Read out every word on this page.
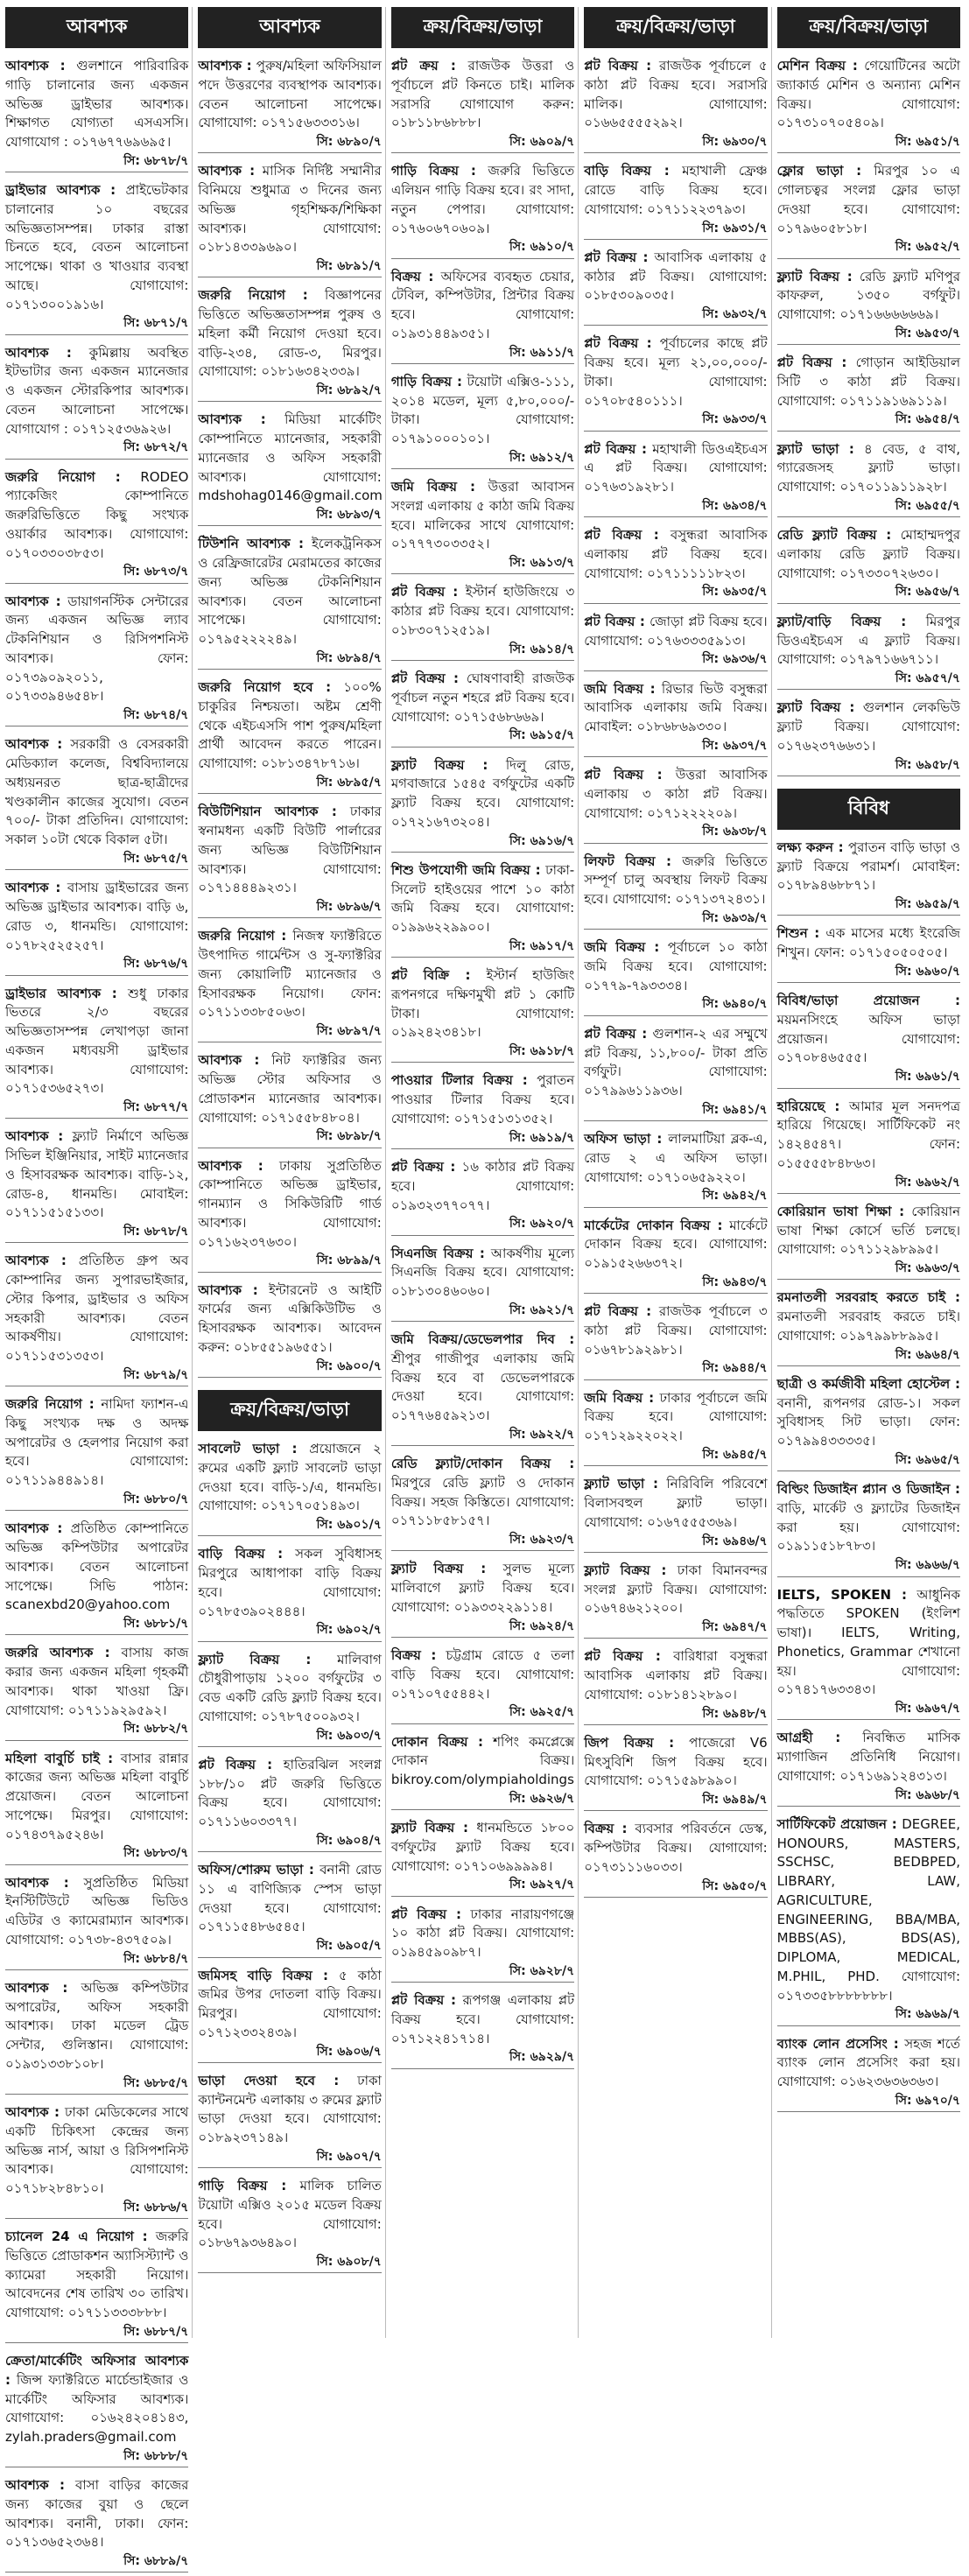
আবশ্যক
আবশ্যক : গুলশানে পারিবারিক গাড়ি চালানোর জন্য একজন অভিজ্ঞ ড্রাইভার আবশ্যক। শিক্ষাগত যোগ্যতা এসএসসি। যোগাযোগ : ০১৭৬৭৭৬৯৬৯৫।
সি: ৬৮৭৮/৭
ড্রাইভার আবশ্যক : প্রাইভেটকার চালানোর ১০ বছরের অভিজ্ঞতাসম্পন্ন। ঢাকার রাস্তা চিনতে হবে, বেতন আলোচনা সাপেক্ষে। থাকা ও খাওয়ার ব্যবস্থা আছে। যোগাযোগ: ০১৭১৩০০১৯১৬।
সি: ৬৮৭১/৭
আবশ্যক : কুমিল্লায় অবস্থিত ইটভাটার জন্য একজন ম্যানেজার ও একজন স্টোরকিপার আবশ্যক। বেতন আলোচনা সাপেক্ষে। যোগাযোগ : ০১৭১২৫৩৬৯২৬।
সি: ৬৮৭২/৭
জরুরি নিয়োগ : RODEO প্যাকেজিং কোম্পানিতে জরুরিভিত্তিতে কিছু সংখ্যক ওয়ার্কার আবশ্যক। যোগাযোগ: ০১৭০৩৩০৩৮৫৩।
সি: ৬৮৭৩/৭
আবশ্যক : ডায়াগনস্টিক সেন্টারের জন্য একজন অভিজ্ঞ ল্যাব টেকনিশিয়ান ও রিসিপশনিস্ট আবশ্যক। ফোন: ০১৭৩৯০৯২০১১, ০১৭৩৩৯৪৬৫৪৮।
সি: ৬৮৭৪/৭
আবশ্যক : সরকারী ও বেসরকারী মেডিক্যাল কলেজ, বিশ্ববিদ্যালয়ে অধ্যয়নরত ছাত্র-ছাত্রীদের খণ্ডকালীন কাজের সুযোগ। বেতন ৭০০/- টাকা প্রতিদিন। যোগাযোগ: সকাল ১০টা থেকে বিকাল ৫টা।
সি: ৬৮৭৫/৭
আবশ্যক : বাসায় ড্রাইভারের জন্য অভিজ্ঞ ড্রাইভার আবশ্যক। বাড়ি ৬, রোড ৩, ধানমন্ডি। যোগাযোগ: ০১৭৮২৫২৫২৫৭।
সি: ৬৮৭৬/৭
ড্রাইভার আবশ্যক : শুধু ঢাকার ভিতরে ২/৩ বছরের অভিজ্ঞতাসম্পন্ন লেখাপড়া জানা একজন মধ্যবয়সী ড্রাইভার আবশ্যক। যোগাযোগ: ০১৭১৫৩৬৫২৭৩।
সি: ৬৮৭৭/৭
আবশ্যক : ফ্ল্যাট নির্মাণে অভিজ্ঞ সিভিল ইঞ্জিনিয়ার, সাইট ম্যানেজার ও হিসাবরক্ষক আবশ্যক। বাড়ি-১২, রোড-৪, ধানমন্ডি। মোবাইল: ০১৭১১৫১৫১৩৩।
সি: ৬৮৭৮/৭
আবশ্যক : প্রতিষ্ঠিত গ্রুপ অব কোম্পানির জন্য সুপারভাইজার, স্টোর কিপার, ড্রাইভার ও অফিস সহকারী আবশ্যক। বেতন আকর্ষণীয়। যোগাযোগ: ০১৭১১৫৩১৩৫৩।
সি: ৬৮৭৯/৭
জরুরি নিয়োগ : নামিদা ফ্যাশন-এ কিছু সংখ্যক দক্ষ ও অদক্ষ অপারেটর ও হেলপার নিয়োগ করা হবে। যোগাযোগ: ০১৭১১৯৪৪৯১৪।
সি: ৬৮৮০/৭
আবশ্যক : প্রতিষ্ঠিত কোম্পানিতে অভিজ্ঞ কম্পিউটার অপারেটর আবশ্যক। বেতন আলোচনা সাপেক্ষে। সিভি পাঠান: scanexbd20@yahoo.com
সি: ৬৮৮১/৭
জরুরি আবশ্যক : বাসায় কাজ করার জন্য একজন মহিলা গৃহকর্মী আবশ্যক। থাকা খাওয়া ফ্রি। যোগাযোগ: ০১৭১১৯২৯৫৯২।
সি: ৬৮৮২/৭
মহিলা বাবুর্চি চাই : বাসার রান্নার কাজের জন্য অভিজ্ঞ মহিলা বাবুর্চি প্রয়োজন। বেতন আলোচনা সাপেক্ষে। মিরপুর। যোগাযোগ: ০১৭৪৩৭৯৫২৪৬।
সি: ৬৮৮৩/৭
আবশ্যক : সুপ্রতিষ্ঠিত মিডিয়া ইনস্টিটিউটে অভিজ্ঞ ভিডিও এডিটর ও ক্যামেরাম্যান আবশ্যক। যোগাযোগ: ০১৭৩৮-৪৩৭৫০৯।
সি: ৬৮৮৪/৭
আবশ্যক : অভিজ্ঞ কম্পিউটার অপারেটর, অফিস সহকারী আবশ্যক। ঢাকা মডেল ট্রেড সেন্টার, গুলিস্তান। যোগাযোগ: ০১৯৩১৩৩৮১০৮।
সি: ৬৮৮৫/৭
আবশ্যক : ঢাকা মেডিকেলের সাথে একটি চিকিৎসা কেন্দ্রের জন্য অভিজ্ঞ নার্স, আয়া ও রিসিপশনিস্ট আবশ্যক। যোগাযোগ: ০১৭১৮২৮৪৮১০।
সি: ৬৮৮৬/৭
চ্যানেল 24 এ নিয়োগ : জরুরি ভিত্তিতে প্রোডাকশন অ্যাসিস্ট্যান্ট ও ক্যামেরা সহকারী নিয়োগ। আবেদনের শেষ তারিখ ৩০ তারিখ। যোগাযোগ: ০১৭১১৩৩৩৮৮৮।
সি: ৬৮৮৭/৭
ক্রেতা/মার্কেটিং অফিসার আবশ্যক : জিন্স ফ্যাক্টরিতে মার্চেন্ডাইজার ও মার্কেটিং অফিসার আবশ্যক। যোগাযোগ: ০১৬২৪২০৪১৪৩, zylah.praders@gmail.com
সি: ৬৮৮৮/৭
আবশ্যক : বাসা বাড়ির কাজের জন্য কাজের বুয়া ও ছেলে আবশ্যক। বনানী, ঢাকা। ফোন: ০১৭১৩৬৫২৩৬৪।
সি: ৬৮৮৯/৭
আবশ্যক
আবশ্যক : পুরুষ/মহিলা অফিসিয়াল পদে উত্তরণের ব্যবস্থাপক আবশ্যক। বেতন আলোচনা সাপেক্ষে। যোগাযোগ: ০১৭১৫৬৩৩৩১৬।
সি: ৬৮৯০/৭
আবশ্যক : মাসিক নির্দিষ্ট সম্মানীর বিনিময়ে শুধুমাত্র ৩ দিনের জন্য অভিজ্ঞ গৃহশিক্ষক/শিক্ষিকা আবশ্যক। যোগাযোগ: ০১৮১৪৩৩৯৬৯০।
সি: ৬৮৯১/৭
জরুরি নিয়োগ : বিজ্ঞাপনের ভিত্তিতে অভিজ্ঞতাসম্পন্ন পুরুষ ও মহিলা কর্মী নিয়োগ দেওয়া হবে। বাড়ি-২৩৪, রোড-৩, মিরপুর। যোগাযোগ: ০১৮১৬৩৪২৩৩৯।
সি: ৬৮৯২/৭
আবশ্যক : মিডিয়া মার্কেটিং কোম্পানিতে ম্যানেজার, সহকারী ম্যানেজার ও অফিস সহকারী আবশ্যক। যোগাযোগ: mdshohag0146@gmail.com
সি: ৬৮৯৩/৭
টিউশনি আবশ্যক : ইলেকট্রনিকস ও রেফ্রিজারেটর মেরামতের কাজের জন্য অভিজ্ঞ টেকনিশিয়ান আবশ্যক। বেতন আলোচনা সাপেক্ষে। যোগাযোগ: ০১৭৯৫২২২২৪৯।
সি: ৬৮৯৪/৭
জরুরি নিয়োগ হবে : ১০০% চাকুরির নিশ্চয়তা। অষ্টম শ্রেণী থেকে এইচএসসি পাশ পুরুষ/মহিলা প্রার্থী আবেদন করতে পারেন। যোগাযোগ: ০১৮১৩৪৭৮৭১৬।
সি: ৬৮৯৫/৭
বিউটিশিয়ান আবশ্যক : ঢাকার স্বনামধন্য একটি বিউটি পার্লারের জন্য অভিজ্ঞ বিউটিশিয়ান আবশ্যক। যোগাযোগ: ০১৭১৪৪৪৯২৩১।
সি: ৬৮৯৬/৭
জরুরি নিয়োগ : নিজস্ব ফ্যাক্টরিতে উৎপাদিত গার্মেন্টস ও সু-ফ্যাক্টরির জন্য কোয়ালিটি ম্যানেজার ও হিসাবরক্ষক নিয়োগ। ফোন: ০১৭১১৩৩৮৫০৬৩।
সি: ৬৮৯৭/৭
আবশ্যক : নিট ফ্যাক্টরির জন্য অভিজ্ঞ স্টোর অফিসার ও প্রোডাকশন ম্যানেজার আবশ্যক। যোগাযোগ: ০১৭১৫৫৮৪৮০৪।
সি: ৬৮৯৮/৭
আবশ্যক : ঢাকায় সুপ্রতিষ্ঠিত কোম্পানিতে অভিজ্ঞ ড্রাইভার, গানম্যান ও সিকিউরিটি গার্ড আবশ্যক। যোগাযোগ: ০১৭১৬২৩৭৬৩০।
সি: ৬৮৯৯/৭
আবশ্যক : ইন্টারনেট ও আইটি ফার্মের জন্য এক্সিকিউটিভ ও হিসাবরক্ষক আবশ্যক। আবেদন করুন: ০১৮৫৫১৯৬৫৫১।
সি: ৬৯০০/৭
ক্রয়/বিক্রয়/ভাড়া
সাবলেট ভাড়া : প্রয়োজনে ২ রুমের একটি ফ্ল্যাট সাবলেট ভাড়া দেওয়া হবে। বাড়ি-১/এ, ধানমন্ডি। যোগাযোগ: ০১৭১৭০৫১৪৯৩।
সি: ৬৯০১/৭
বাড়ি বিক্রয় : সকল সুবিধাসহ মিরপুরে আধাপাকা বাড়ি বিক্রয় হবে। যোগাযোগ: ০১৭৮৫৩৯০২৪৪৪।
সি: ৬৯০২/৭
ফ্ল্যাট বিক্রয় : মালিবাগ চৌধুরীপাড়ায় ১২০০ বর্গফুটের ৩ বেড একটি রেডি ফ্ল্যাট বিক্রয় হবে। যোগাযোগ: ০১৭৮৭৫০০৯৩২।
সি: ৬৯০৩/৭
প্লট বিক্রয় : হাতিরঝিল সংলগ্ন ১৮৮/১০ প্লট জরুরি ভিত্তিতে বিক্রয় হবে। যোগাযোগ: ০১৭১১৬০৩৩৭৭।
সি: ৬৯০৪/৭
অফিস/শোরুম ভাড়া : বনানী রোড ১১ এ বাণিজ্যিক স্পেস ভাড়া দেওয়া হবে। যোগাযোগ: ০১৭১১৫৪৮৬৫৪৫।
সি: ৬৯০৫/৭
জমিসহ বাড়ি বিক্রয় : ৫ কাঠা জমির উপর দোতলা বাড়ি বিক্রয়। মিরপুর। যোগাযোগ: ০১৭১২৩৩২৪৩৯।
সি: ৬৯০৬/৭
ভাড়া দেওয়া হবে : ঢাকা ক্যান্টনমেন্ট এলাকায় ৩ রুমের ফ্ল্যাট ভাড়া দেওয়া হবে। যোগাযোগ: ০১৮৯২৩৭১৪৯।
সি: ৬৯০৭/৭
গাড়ি বিক্রয় : মালিক চালিত টয়োটা এক্সিও ২০১৫ মডেল বিক্রয় হবে। যোগাযোগ: ০১৮৬৭৯৩৬৪৯০।
সি: ৬৯০৮/৭
ক্রয়/বিক্রয়/ভাড়া
প্লট ক্রয় : রাজউক উত্তরা ও পূর্বাচলে প্লট কিনতে চাই। মালিক সরাসরি যোগাযোগ করুন: ০১৮১১৮৬৮৮৮।
সি: ৬৯০৯/৭
গাড়ি বিক্রয় : জরুরি ভিত্তিতে এলিয়ন গাড়ি বিক্রয় হবে। রং সাদা, নতুন পেপার। যোগাযোগ: ০১৭৬০৬৭০৬০৯।
সি: ৬৯১০/৭
বিক্রয় : অফিসের ব্যবহৃত চেয়ার, টেবিল, কম্পিউটার, প্রিন্টার বিক্রয় হবে। যোগাযোগ: ০১৯৩১৪৪৯৩৫১।
সি: ৬৯১১/৭
গাড়ি বিক্রয় : টয়োটা এক্সিও-১১১, ২০১৪ মডেল, মূল্য ৫,৮০,০০০/- টাকা। যোগাযোগ: ০১৭৯১০০০১০১।
সি: ৬৯১২/৭
জমি বিক্রয় : উত্তরা আবাসন সংলগ্ন এলাকায় ৫ কাঠা জমি বিক্রয় হবে। মালিকের সাথে যোগাযোগ: ০১৭৭৭৩০৩৩৫২।
সি: ৬৯১৩/৭
প্লট বিক্রয় : ইস্টার্ন হাউজিংয়ে ৩ কাঠার প্লট বিক্রয় হবে। যোগাযোগ: ০১৮৩০৭১২৫১৯।
সি: ৬৯১৪/৭
প্লট বিক্রয় : ঘোষণাবাহী রাজউক পূর্বাচল নতুন শহরে প্লট বিক্রয় হবে। যোগাযোগ: ০১৭১৫৬৮৬৬৯।
সি: ৬৯১৫/৭
ফ্ল্যাট বিক্রয় : দিলু রোড, মগবাজারে ১৫৪৫ বর্গফুটের একটি ফ্ল্যাট বিক্রয় হবে। যোগাযোগ: ০১৭২১৬৭৩২০৪।
সি: ৬৯১৬/৭
শিশু উপযোগী জমি বিক্রয় : ঢাকা-সিলেট হাইওয়ের পাশে ১০ কাঠা জমি বিক্রয় হবে। যোগাযোগ: ০১৯৯৬২২৯৯০০।
সি: ৬৯১৭/৭
প্লট বিক্রি : ইস্টার্ন হাউজিং রূপনগরে দক্ষিণমুখী প্লট ১ কোটি টাকা। যোগাযোগ: ০১৯২৪২৩৪১৮।
সি: ৬৯১৮/৭
পাওয়ার টিলার বিক্রয় : পুরাতন পাওয়ার টিলার বিক্রয় হবে। যোগাযোগ: ০১৭১৫১৩১৩৫২।
সি: ৬৯১৯/৭
প্লট বিক্রয় : ১৬ কাঠার প্লট বিক্রয় হবে। যোগাযোগ: ০১৯৩২৩৭৭০৭৭।
সি: ৬৯২০/৭
সিএনজি বিক্রয় : আকর্ষণীয় মূল্যে সিএনজি বিক্রয় হবে। যোগাযোগ: ০১৮১৩০৪৬০৬০।
সি: ৬৯২১/৭
জমি বিক্রয়/ডেভেলপার দিব : শ্রীপুর গাজীপুর এলাকায় জমি বিক্রয় হবে বা ডেভেলপারকে দেওয়া হবে। যোগাযোগ: ০১৭৭৬৪৫৯২১৩।
সি: ৬৯২২/৭
রেডি ফ্ল্যাট/দোকান বিক্রয় : মিরপুরে রেডি ফ্ল্যাট ও দোকান বিক্রয়। সহজ কিস্তিতে। যোগাযোগ: ০১৭১১৮৫৮১৫৭।
সি: ৬৯২৩/৭
ফ্ল্যাট বিক্রয় : সুলভ মূল্যে মালিবাগে ফ্ল্যাট বিক্রয় হবে। যোগাযোগ: ০১৯৩৩২২৯১১৪।
সি: ৬৯২৪/৭
বিক্রয় : চট্টগ্রাম রোডে ৫ তলা বাড়ি বিক্রয় হবে। যোগাযোগ: ০১৭১০৭৫৫৪৪২।
সি: ৬৯২৫/৭
দোকান বিক্রয় : শপিং কমপ্লেক্সে দোকান বিক্রয়। bikroy.com/olympiaholdings
সি: ৬৯২৬/৭
ফ্ল্যাট বিক্রয় : ধানমন্ডিতে ১৮০০ বর্গফুটের ফ্ল্যাট বিক্রয় হবে। যোগাযোগ: ০১৭১০৬৯৯৯৯৪।
সি: ৬৯২৭/৭
প্লট বিক্রয় : ঢাকার নারায়ণগঞ্জে ১০ কাঠা প্লট বিক্রয়। যোগাযোগ: ০১৯৪৫৯০৯৮৭।
সি: ৬৯২৮/৭
প্লট বিক্রয় : রূপগঞ্জ এলাকায় প্লট বিক্রয় হবে। যোগাযোগ: ০১৭১২২৪১৭১৪।
সি: ৬৯২৯/৭
ক্রয়/বিক্রয়/ভাড়া
প্লট বিক্রয় : রাজউক পূর্বাচলে ৫ কাঠা প্লট বিক্রয় হবে। সরাসরি মালিক। যোগাযোগ: ০১৬৬৫৫৫৫২৯২।
সি: ৬৯৩০/৭
বাড়ি বিক্রয় : মহাখালী ফ্রেঞ্চ রোডে বাড়ি বিক্রয় হবে। যোগাযোগ: ০১৭১১২২৩৭৯৩।
সি: ৬৯৩১/৭
প্লট বিক্রয় : আবাসিক এলাকায় ৫ কাঠার প্লট বিক্রয়। যোগাযোগ: ০১৮৫৩০৯০৩৫।
সি: ৬৯৩২/৭
প্লট বিক্রয় : পূর্বাচলের কাছে প্লট বিক্রয় হবে। মূল্য ২১,০০,০০০/- টাকা। যোগাযোগ: ০১৭০৮৫৪০১১১।
সি: ৬৯৩৩/৭
প্লট বিক্রয় : মহাখালী ডিওএইচএস এ প্লট বিক্রয়। যোগাযোগ: ০১৭৬৩১৯২৮১।
সি: ৬৯৩৪/৭
প্লট বিক্রয় : বসুন্ধরা আবাসিক এলাকায় প্লট বিক্রয় হবে। যোগাযোগ: ০১৭১১১১১৮২৩।
সি: ৬৯৩৫/৭
প্লট বিক্রয় : জোড়া প্লট বিক্রয় হবে। যোগাযোগ: ০১৭৬৩৩৩৫৯১৩।
সি: ৬৯৩৬/৭
জমি বিক্রয় : রিভার ভিউ বসুন্ধরা আবাসিক এলাকায় জমি বিক্রয়। মোবাইল: ০১৮৬৮৬৯৩৩০।
সি: ৬৯৩৭/৭
প্লট বিক্রয় : উত্তরা আবাসিক এলাকায় ৩ কাঠা প্লট বিক্রয়। যোগাযোগ: ০১৭১২২২২০৯।
সি: ৬৯৩৮/৭
লিফট বিক্রয় : জরুরি ভিত্তিতে সম্পূর্ণ চালু অবস্থায় লিফট বিক্রয় হবে। যোগাযোগ: ০১৭১৩৭২৪৩১।
সি: ৬৯৩৯/৭
জমি বিক্রয় : পূর্বাচলে ১০ কাঠা জমি বিক্রয় হবে। যোগাযোগ: ০১৭৭৯-৭৯৩৩৩৪।
সি: ৬৯৪০/৭
প্লট বিক্রয় : গুলশান-২ এর সম্মুখে প্লট বিক্রয়, ১১,৮০০/- টাকা প্রতি বর্গফুট। যোগাযোগ: ০১৭৯৯৬১১৯৩৬।
সি: ৬৯৪১/৭
অফিস ভাড়া : লালমাটিয়া ব্লক-এ, রোড ২ এ অফিস ভাড়া। যোগাযোগ: ০১৭১০৬৫৯২২০।
সি: ৬৯৪২/৭
মার্কেটের দোকান বিক্রয় : মার্কেটে দোকান বিক্রয় হবে। যোগাযোগ: ০১৯১৫২৬৬৩৭২।
সি: ৬৯৪৩/৭
প্লট বিক্রয় : রাজউক পূর্বাচলে ৩ কাঠা প্লট বিক্রয়। যোগাযোগ: ০১৬৭৮১৯২৯৮১।
সি: ৬৯৪৪/৭
জমি বিক্রয় : ঢাকার পূর্বাচলে জমি বিক্রয় হবে। যোগাযোগ: ০১৭১২৯২২০২২।
সি: ৬৯৪৫/৭
ফ্ল্যাট ভাড়া : নিরিবিলি পরিবেশে বিলাসবহুল ফ্ল্যাট ভাড়া। যোগাযোগ: ০১৬৭৫৫৫৩৬৯।
সি: ৬৯৪৬/৭
ফ্ল্যাট বিক্রয় : ঢাকা বিমানবন্দর সংলগ্ন ফ্ল্যাট বিক্রয়। যোগাযোগ: ০১৬৭৪৬২১২০০।
সি: ৬৯৪৭/৭
প্লট বিক্রয় : বারিধারা বসুন্ধরা আবাসিক এলাকায় প্লট বিক্রয়। যোগাযোগ: ০১৮১৪১২৮৯০।
সি: ৬৯৪৮/৭
জিপ বিক্রয় : পাজেরো V6 মিৎসুবিশি জিপ বিক্রয় হবে। যোগাযোগ: ০১৭১৫৯৮৯৯০।
সি: ৬৯৪৯/৭
বিক্রয় : ব্যবসার পরিবর্তনে ডেস্ক, কম্পিউটার বিক্রয়। যোগাযোগ: ০১৭৩১১১৬০৩৩।
সি: ৬৯৫০/৭
ক্রয়/বিক্রয়/ভাড়া
মেশিন বিক্রয় : গেয়োটিনের অটো জ্যাকার্ড মেশিন ও অন্যান্য মেশিন বিক্রয়। যোগাযোগ: ০১৭৩১০৭০৫৪০৯।
সি: ৬৯৫১/৭
ফ্লোর ভাড়া : মিরপুর ১০ এ গোলচত্বর সংলগ্ন ফ্লোর ভাড়া দেওয়া হবে। যোগাযোগ: ০১৭৯৬০৫৮১৮।
সি: ৬৯৫২/৭
ফ্ল্যাট বিক্রয় : রেডি ফ্ল্যাট মণিপুর কাফরুল, ১৩৫০ বর্গফুট। যোগাযোগ: ০১৭১৬৬৬৬৬৬৯।
সি: ৬৯৫৩/৭
প্লট বিক্রয় : গোড়ান আইডিয়াল সিটি ৩ কাঠা প্লট বিক্রয়। যোগাযোগ: ০১৭১১৯১৬৯১১৯।
সি: ৬৯৫৪/৭
ফ্ল্যাট ভাড়া : ৪ বেড, ৫ বাথ, গ্যারেজসহ ফ্ল্যাট ভাড়া। যোগাযোগ: ০১৭০১১৯১১৯২৮।
সি: ৬৯৫৫/৭
রেডি ফ্ল্যাট বিক্রয় : মোহাম্মদপুর এলাকায় রেডি ফ্ল্যাট বিক্রয়। যোগাযোগ: ০১৭৩৩০৭২৬৩০।
সি: ৬৯৫৬/৭
ফ্ল্যাট/বাড়ি বিক্রয় : মিরপুর ডিওএইচএস এ ফ্ল্যাট বিক্রয়। যোগাযোগ: ০১৭৯৭১৬৬৭১১।
সি: ৬৯৫৭/৭
ফ্ল্যাট বিক্রয় : গুলশান লেকভিউ ফ্ল্যাট বিক্রয়। যোগাযোগ: ০১৭৬২৩৭৬৬৩১।
সি: ৬৯৫৮/৭
বিবিধ
লক্ষ্য করুন : পুরাতন বাড়ি ভাড়া ও ফ্ল্যাট বিক্রয়ে পরামর্শ। মোবাইল: ০১৭৮৯৪৬৮৮৭১।
সি: ৬৯৫৯/৭
শিশুন : এক মাসের মধ্যে ইংরেজি শিখুন। ফোন: ০১৭১৫০৫০৫০৫।
সি: ৬৯৬০/৭
বিবিধ/ভাড়া প্রয়োজন : ময়মনসিংহে অফিস ভাড়া প্রয়োজন। যোগাযোগ: ০১৭০৮৪৬৫৫৫।
সি: ৬৯৬১/৭
হারিয়েছে : আমার মূল সনদপত্র হারিয়ে গিয়েছে। সার্টিফিকেট নং ১৪২৪৫৪৭। ফোন: ০১৫৫৫৫৮৪৮৬৩।
সি: ৬৯৬২/৭
কোরিয়ান ভাষা শিক্ষা : কোরিয়ান ভাষা শিক্ষা কোর্সে ভর্তি চলছে। যোগাযোগ: ০১৭১১২৯৮৯৯৫।
সি: ৬৯৬৩/৭
রমনাতলী সরবরাহ করতে চাই : রমনাতলী সরবরাহ করতে চাই। যোগাযোগ: ০১৯৭৯৯৮৮৯৯৫।
সি: ৬৯৬৪/৭
ছাত্রী ও কর্মজীবী মহিলা হোস্টেল : বনানী, রূপনগর রোড-১। সকল সুবিধাসহ সিট ভাড়া। ফোন: ০১৭৯৯৪৩৩৩৩৫।
সি: ৬৯৬৫/৭
বিল্ডিং ডিজাইন প্ল্যান ও ডিজাইন : বাড়ি, মার্কেট ও ফ্ল্যাটের ডিজাইন করা হয়। যোগাযোগ: ০১৯১১৫১৮৭৮৩।
সি: ৬৯৬৬/৭
IELTS, SPOKEN : আধুনিক পদ্ধতিতে SPOKEN (ইংলিশ ভাষা)। IELTS, Writing, Phonetics, Grammar শেখানো হয়। যোগাযোগ: ০১৭৪১৭৬৩৩৪৩।
সি: ৬৯৬৭/৭
আগ্রহী : নিবন্ধিত মাসিক ম্যাগাজিন প্রতিনিধি নিয়োগ। যোগাযোগ: ০১৭১৬৯১২৪৩১৩।
সি: ৬৯৬৮/৭
সার্টিফিকেট প্রয়োজন : DEGREE, HONOURS, MASTERS, SSCHSC, BEDBPED, LIBRARY, LAW, AGRICULTURE, ENGINEERING, BBA/MBA, MBBS(AS), BDS(AS), DIPLOMA, MEDICAL, M.PHIL, PHD. যোগাযোগ: ০১৭৩৩৫৮৮৮৮৮৮৮।
সি: ৬৯৬৯/৭
ব্যাংক লোন প্রসেসিং : সহজ শর্তে ব্যাংক লোন প্রসেসিং করা হয়। যোগাযোগ: ০১৬২৩৬৩৬৩৬৩।
সি: ৬৯৭০/৭
